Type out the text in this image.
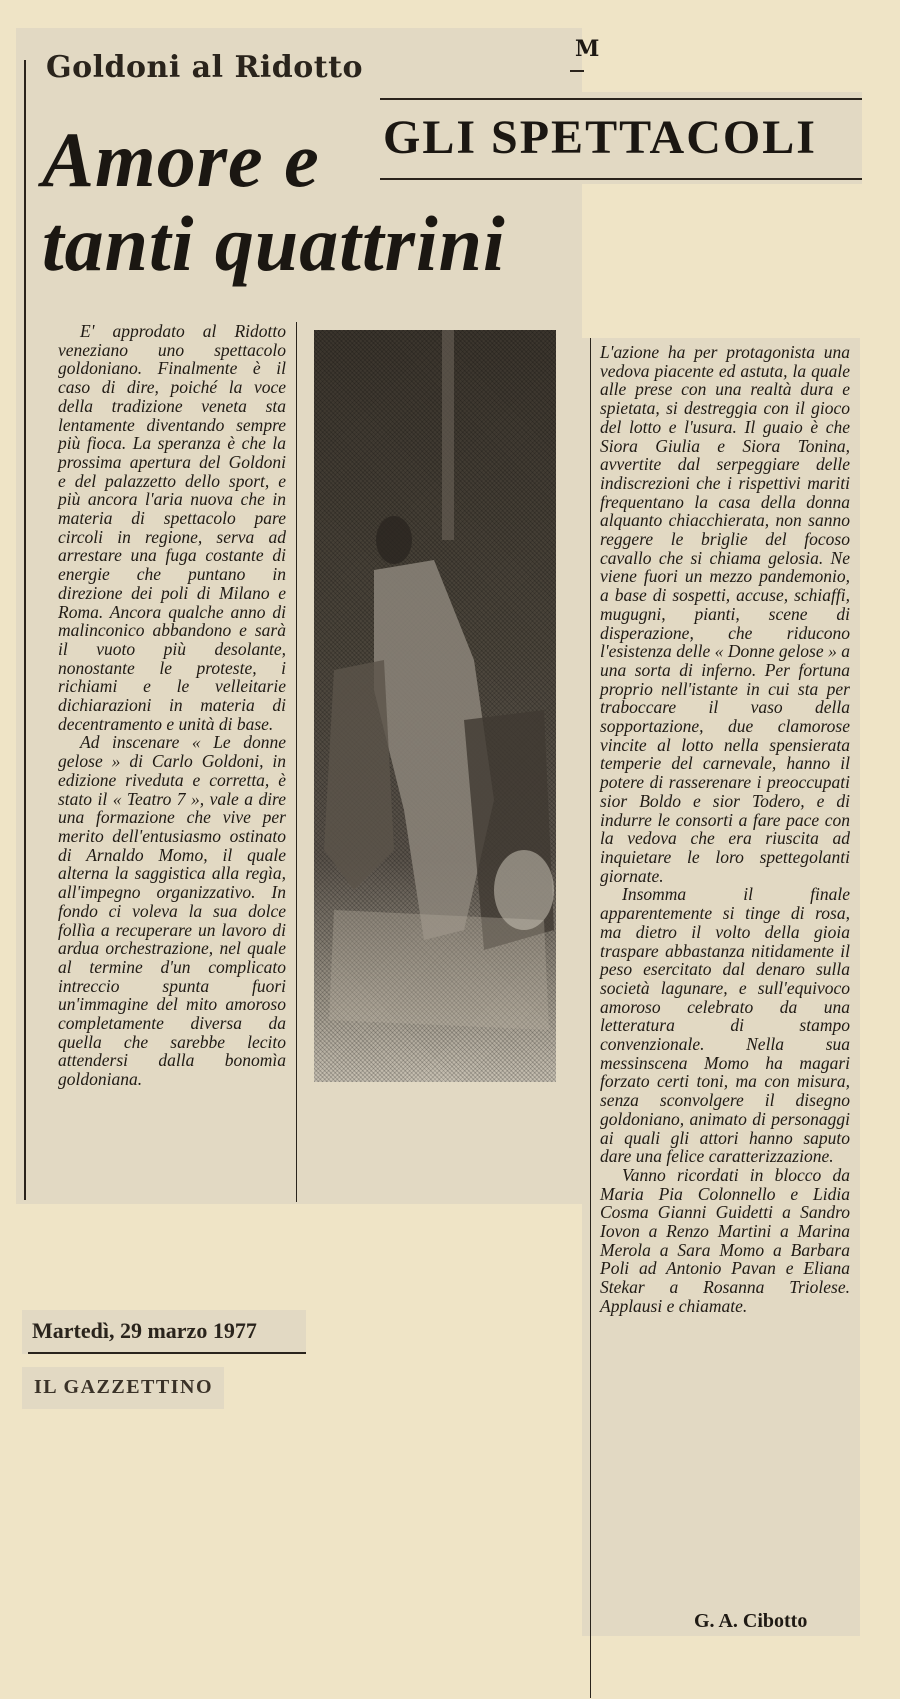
Goldoni al Ridotto
M
GLI SPETTACOLI
Amore e
tanti quattrini

E' approdato al Ridotto veneziano uno spettacolo goldoniano. Finalmente è il caso di dire, poiché la voce della tradizione veneta sta lentamente diventando sempre più fioca. La speranza è che la prossima apertura del Goldoni e del palazzetto dello sport, e più ancora l'aria nuova che in materia di spettacolo pare circoli in regione, serva ad arrestare una fuga costante di energie che puntano in direzione dei poli di Milano e Roma. Ancora qualche anno di malinconico abbandono e sarà il vuoto più desolante, nonostante le proteste, i richiami e le velleitarie dichiarazioni in materia di decentramento e unità di base.

Ad inscenare « Le donne gelose » di Carlo Goldoni, in edizione riveduta e corretta, è stato il « Teatro 7 », vale a dire una formazione che vive per merito dell'entusiasmo ostinato di Arnaldo Momo, il quale alterna la saggistica alla regìa, all'impegno organizzativo. In fondo ci voleva la sua dolce follìa a recuperare un lavoro di ardua orchestrazione, nel quale al termine d'un complicato intreccio spunta fuori un'immagine del mito amoroso completamente diversa da quella che sarebbe lecito attendersi dalla bonomìa goldoniana.

L'azione ha per protagonista una vedova piacente ed astuta, la quale alle prese con una realtà dura e spietata, si destreggia con il gioco del lotto e l'usura. Il guaio è che Siora Giulia e Siora Tonina, avvertite dal serpeggiare delle indiscrezioni che i rispettivi mariti frequentano la casa della donna alquanto chiacchierata, non sanno reggere le briglie del focoso cavallo che si chiama gelosia. Ne viene fuori un mezzo pandemonio, a base di sospetti, accuse, schiaffi, mugugni, pianti, scene di disperazione, che riducono l'esistenza delle « Donne gelose » a una sorta di inferno. Per fortuna proprio nell'istante in cui sta per traboccare il vaso della sopportazione, due clamorose vincite al lotto nella spensierata temperie del carnevale, hanno il potere di rasserenare i preoccupati sior Boldo e sior Todero, e di indurre le consorti a fare pace con la vedova che era riuscita ad inquietare le loro spettegolanti giornate.

Insomma il finale apparentemente si tinge di rosa, ma dietro il volto della gioia traspare abbastanza nitidamente il peso esercitato dal denaro sulla società lagunare, e sull'equivoco amoroso celebrato da una letteratura di stampo convenzionale. Nella sua messinscena Momo ha magari forzato certi toni, ma con misura, senza sconvolgere il disegno goldoniano, animato di personaggi ai quali gli attori hanno saputo dare una felice caratterizzazione.

Vanno ricordati in blocco da Maria Pia Colonnello e Lidia Cosma Gianni Guidetti a Sandro Iovon a Renzo Martini a Marina Merola a Sara Momo a Barbara Poli ad Antonio Pavan e Eliana Stekar a Rosanna Triolese. Applausi e chiamate.

G. A. Cibotto
Martedì, 29 marzo 1977
IL GAZZETTINO
